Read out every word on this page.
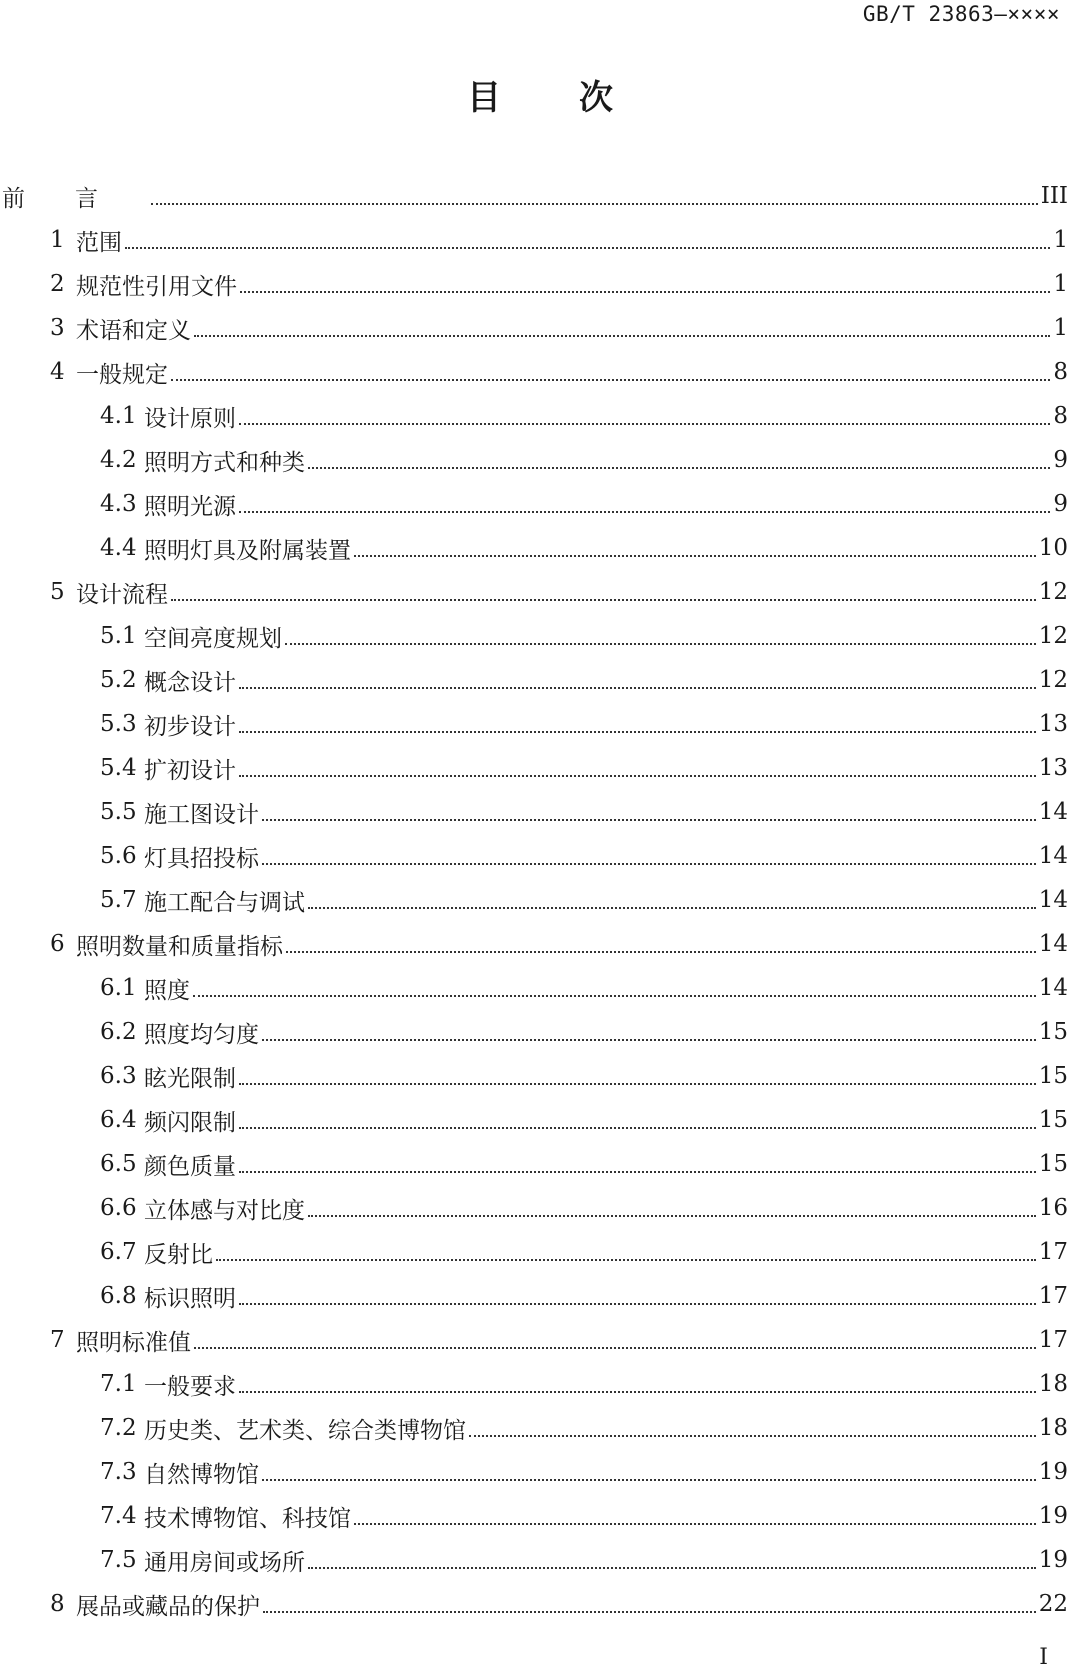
GB/T 23863—××××
目 次
前言	III
1 范围	1
2 规范性引用文件	1
3 术语和定义	1
4 一般规定	8
4.1 设计原则	8
4.2 照明方式和种类	9
4.3 照明光源	9
4.4 照明灯具及附属装置	10
5 设计流程	12
5.1 空间亮度规划	12
5.2 概念设计	12
5.3 初步设计	13
5.4 扩初设计	13
5.5 施工图设计	14
5.6 灯具招投标	14
5.7 施工配合与调试	14
6 照明数量和质量指标	14
6.1 照度	14
6.2 照度均匀度	15
6.3 眩光限制	15
6.4 频闪限制	15
6.5 颜色质量	15
6.6 立体感与对比度	16
6.7 反射比	17
6.8 标识照明	17
7 照明标准值	17
7.1 一般要求	18
7.2 历史类、艺术类、综合类博物馆	18
7.3 自然博物馆	19
7.4 技术博物馆、科技馆	19
7.5 通用房间或场所	19
8 展品或藏品的保护	22
I
